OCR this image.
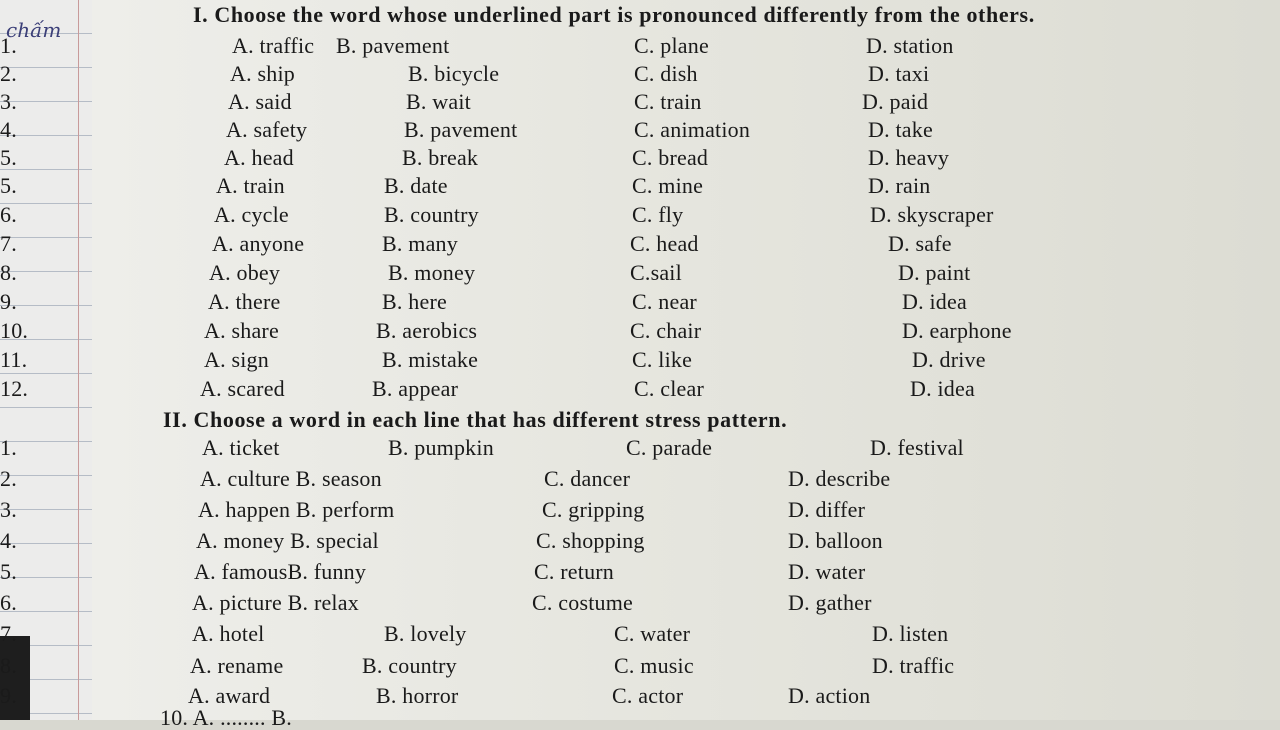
chấm
I. Choose the word whose underlined part is pronounced differently from the others.
1.	A. traffic B. pavement	C. plane	D. station
2.	A. ship	B. bicycle	C. dish	D. taxi
3.	A. said	B. wait	C. train	D. paid
4.	A. safety	B. pavement	C. animation	D. take
5.	A. head	B. break	C. bread	D. heavy
5.	A. train	B. date	C. mine	D. rain
6.	A. cycle	B. country	C. fly	D. skyscraper
7.	A. anyone	B. many	C. head	D. safe
8.	A. obey	B. money	C.sail	D. paint
9.	A. there	B. here	C. near	D. idea
10.	A. share	B. aerobics	C. chair	D. earphone
11.	A. sign	B. mistake	C. like	D. drive
12.	A. scared	B. appear	C. clear	D. idea
II. Choose a word in each line that has different stress pattern.
1.	A. ticket	B. pumpkin	C. parade	D. festival
2.	A. culture B. season	C. dancer	D. describe
3.	A. happen B. perform	C. gripping	D. differ
4.	A. money B. special	C. shopping	D. balloon
5.	A. famousB. funny	C. return	D. water
6.	A. picture B. relax	C. costume	D. gather
7.	A. hotel	B. lovely	C. water	D. listen
8.	A. rename	B. country	C. music	D. traffic
9.	A. award	B. horror	C. actor	D. action
10. A. ........ B.
